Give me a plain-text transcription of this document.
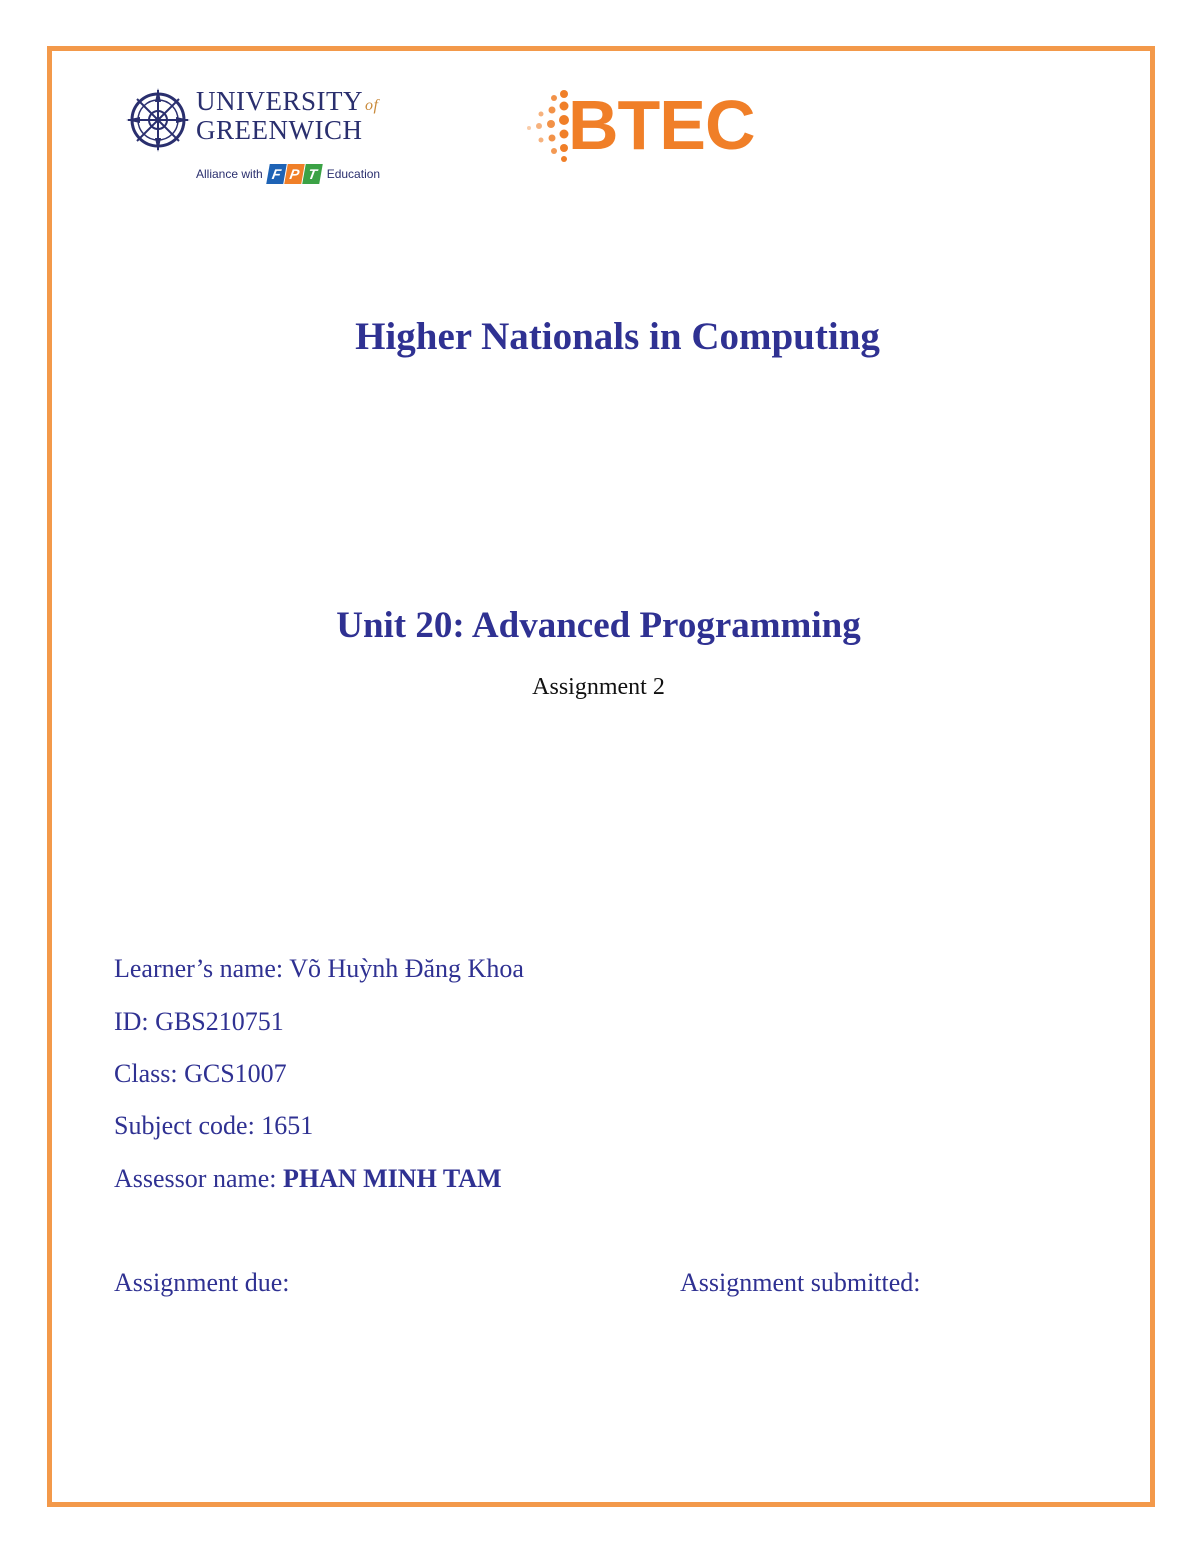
UNIVERSITY of
GREENWICH
Alliance with F P T Education
BTEC
Higher Nationals in Computing
Unit 20: Advanced Programming
Assignment 2
Learner’s name: Võ Huỳnh Đăng Khoa
ID: GBS210751
Class: GCS1007
Subject code: 1651
Assessor name: PHAN MINH TAM
Assignment due:	Assignment submitted:
